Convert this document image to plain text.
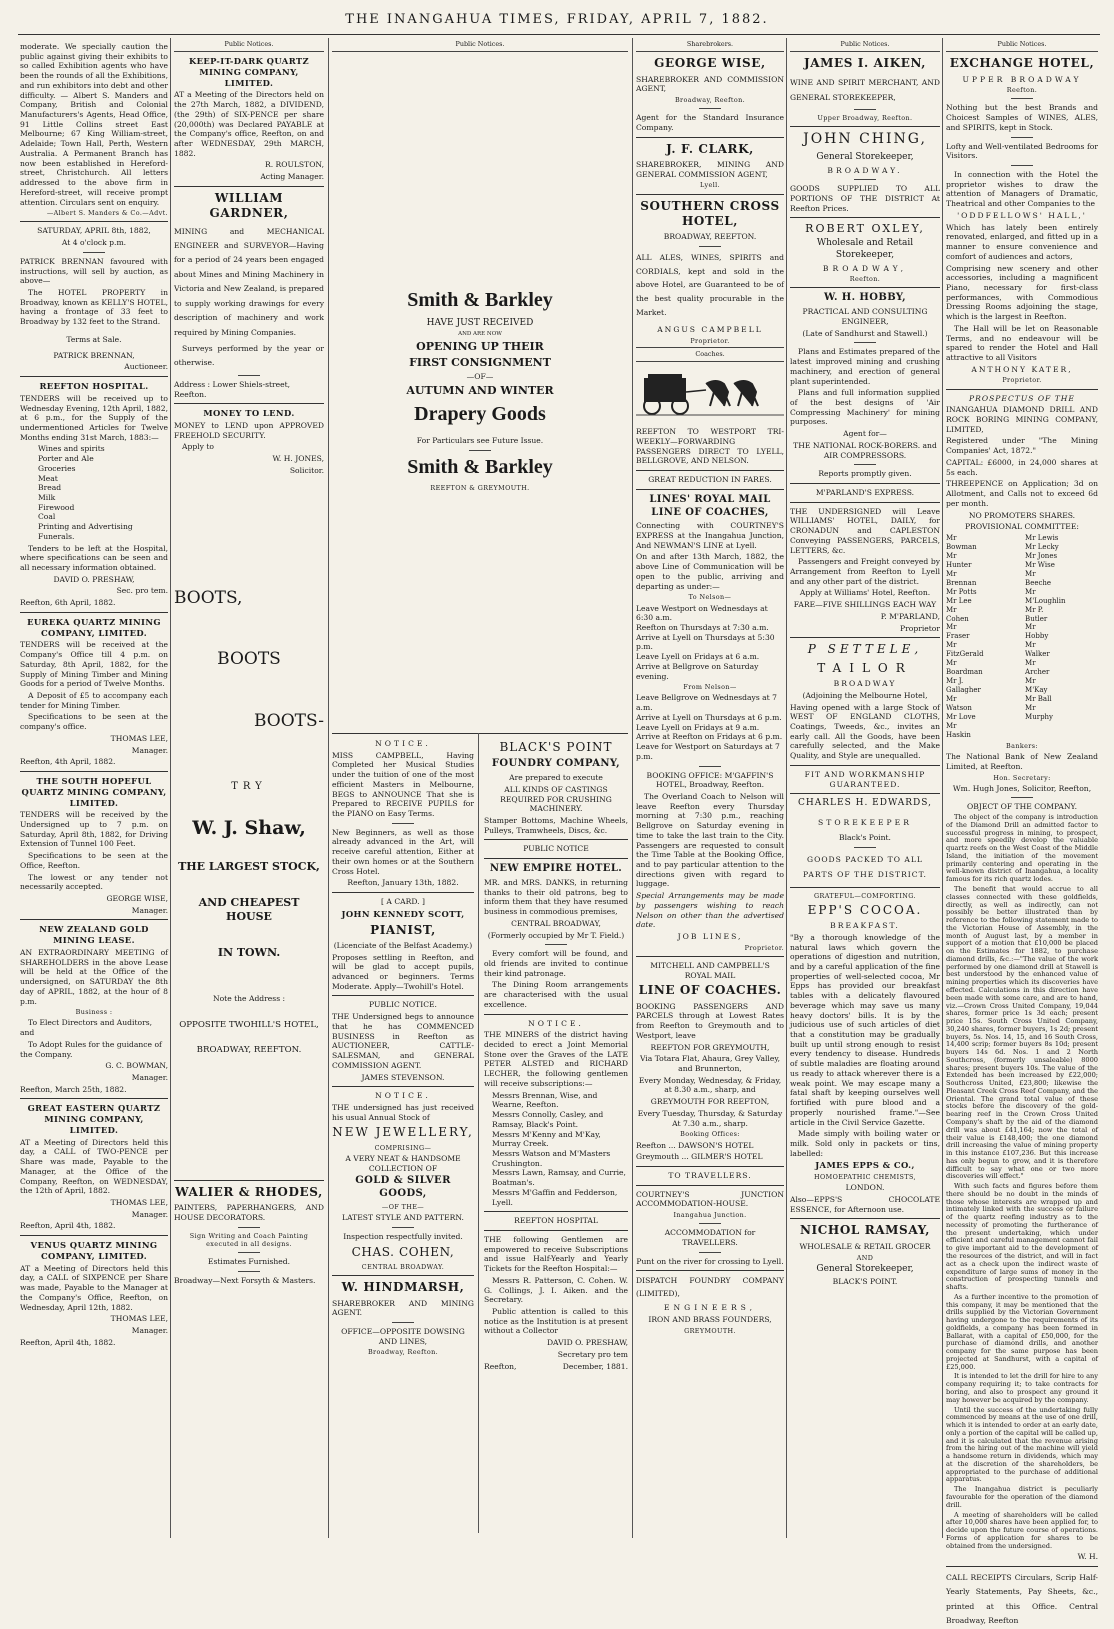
THE INANGAHUA TIMES, FRIDAY, APRIL 7, 1882.

moderate. We specially caution the public against giving their exhibits to so called Exhibition agents who have been the rounds of all the Exhibitions, and run exhibitors into debt and other difficulty. — Albert S. Manders and Company, British and Colonial Manufacturers's Agents, Head Office, 91 Little Collins street East Melbourne; 67 King William-street, Adelaide; Town Hall, Perth, Western Australia. A Permanent Branch has now been established in Hereford-street, Christchurch. All letters addressed to the above firm in Hereford-street, will receive prompt attention. Circulars sent on enquiry.

—Albert S. Manders & Co.—Advt.

SATURDAY, APRIL 8th, 1882,

At 4 o'clock p.m.

PATRICK BRENNAN favoured with instructions, will sell by auction, as above—

The HOTEL PROPERTY in Broadway, known as KELLY'S HOTEL, having a frontage of 33 feet to Broadway by 132 feet to the Strand.

Terms at Sale.

PATRICK BRENNAN,

Auctioneer.

REEFTON HOSPITAL.

TENDERS will be received up to Wednesday Evening, 12th April, 1882, at 6 p.m., for the Supply of the undermentioned Articles for Twelve Months ending 31st March, 1883:—

Wines and spirits
Porter and Ale
Groceries
Meat
Bread
Milk
Firewood
Coal
Printing and Advertising
Funerals.

Tenders to be left at the Hospital, where specifications can be seen and all necessary information obtained.

DAVID O. PRESHAW,

Sec. pro tem.

Reefton, 6th April, 1882.

EUREKA QUARTZ MINING COMPANY, LIMITED.

TENDERS will be received at the Company's Office till 4 p.m. on Saturday, 8th April, 1882, for the Supply of Mining Timber and Mining Goods for a period of Twelve Months.

A Deposit of £5 to accompany each tender for Mining Timber.

Specifications to be seen at the company's office.

THOMAS LEE,

Manager.

Reefton, 4th April, 1882.

THE SOUTH HOPEFUL QUARTZ MINING COMPANY, LIMITED.

TENDERS will be received by the Undersigned up to 7 p.m. on Saturday, April 8th, 1882, for Driving Extension of Tunnel 100 Feet.

Specifications to be seen at the Office, Reefton.

The lowest or any tender not necessarily accepted.

GEORGE WISE,

Manager.

NEW ZEALAND GOLD MINING LEASE.

AN EXTRAORDINARY MEETING of SHAREHOLDERS in the above Lease will be held at the Office of the undersigned, on SATURDAY the 8th day of APRIL, 1882, at the hour of 8 p.m.

Business :

To Elect Directors and Auditors, and

To Adopt Rules for the guidance of the Company.

G. C. BOWMAN,

Manager.

Reefton, March 25th, 1882.

GREAT EASTERN QUARTZ MINING COMPANY, LIMITED.

AT a Meeting of Directors held this day, a CALL of TWO-PENCE per Share was made, Payable to the Manager, at the Office of the Company, Reefton, on WEDNESDAY, the 12th of April, 1882.

THOMAS LEE,

Manager.

Reefton, April 4th, 1882.

VENUS QUARTZ MINING COMPANY, LIMITED.

AT a Meeting of Directors held this day, a CALL of SIXPENCE per Share was made, Payable to the Manager at the Company's Office, Reefton, on Wednesday, April 12th, 1882.

THOMAS LEE,

Manager.

Reefton, April 4th, 1882.

Public Notices.

KEEP-IT-DARK QUARTZ MINING COMPANY, LIMITED.

AT a Meeting of the Directors held on the 27th March, 1882, a DIVIDEND, (the 29th) of SIX-PENCE per share (20,000th) was Declared PAYABLE at the Company's office, Reefton, on and after WEDNESDAY, 29th MARCH, 1882.

R. ROULSTON,

Acting Manager.

WILLIAM GARDNER,

MINING and MECHANICAL ENGINEER and SURVEYOR—Having for a period of 24 years been engaged about Mines and Mining Machinery in Victoria and New Zealand, is prepared to supply working drawings for every description of machinery and work required by Mining Companies.

Surveys performed by the year or otherwise.

Address : Lower Shiels-street, Reefton.

MONEY TO LEND.

MONEY to LEND upon APPROVED FREEHOLD SECURITY.

Apply to

W. H. JONES,

Solicitor.

BOOTS,

BOOTS

BOOTS-

TRY

W. J. Shaw,

THE LARGEST STOCK,

AND CHEAPEST HOUSE

IN TOWN.

Note the Address :

OPPOSITE TWOHILL'S HOTEL,

BROADWAY, REEFTON.

WALIER & RHODES,

PAINTERS, PAPERHANGERS, AND HOUSE DECORATORS.

Sign Writing and Coach Painting executed in all designs.

Estimates Furnished.

Broadway—Next Forsyth & Masters.

Public Notices.

Smith & Barkley

HAVE JUST RECEIVED

AND ARE NOW

OPENING UP THEIR

FIRST CONSIGNMENT

—OF—

AUTUMN AND WINTER

Drapery Goods

For Particulars see Future Issue.

Smith & Barkley

REEFTON & GREYMOUTH.

NOTICE.

MISS CAMPBELL, Having Completed her Musical Studies under the tuition of one of the most efficient Masters in Melbourne, BEGS to ANNOUNCE That she is Prepared to RECEIVE PUPILS for the PIANO on Easy Terms.

New Beginners, as well as those already advanced in the Art, will receive careful attention, Either at their own homes or at the Southern Cross Hotel.

Reefton, January 13th, 1882.

[ A CARD. ]

JOHN KENNEDY SCOTT,

PIANIST,

(Licenciate of the Belfast Academy.)

Proposes settling in Reefton, and will be glad to accept pupils, advanced or beginners. Terms Moderate. Apply—Twohill's Hotel.

PUBLIC NOTICE.

THE Undersigned begs to announce that he has COMMENCED BUSINESS in Reefton as AUCTIONEER, CATTLE-SALESMAN, and GENERAL COMMISSION AGENT.

JAMES STEVENSON.

NOTICE.

THE undersigned has just received his usual Annual Stock of

NEW JEWELLERY,

COMPRISING—

A VERY NEAT & HANDSOME COLLECTION OF

GOLD & SILVER GOODS,

—OF THE—

LATEST STYLE AND PATTERN.

Inspection respectfully invited.

CHAS. COHEN,

CENTRAL BROADWAY.

W. HINDMARSH,

SHAREBROKER AND MINING AGENT.

OFFICE—OPPOSITE DOWSING AND LINES,

Broadway, Reefton.

BLACK'S POINT

FOUNDRY COMPANY,

Are prepared to execute

ALL KINDS OF CASTINGS REQUIRED FOR CRUSHING MACHINERY.

Stamper Bottoms, Machine Wheels, Pulleys, Tramwheels, Discs, &c.

PUBLIC NOTICE

NEW EMPIRE HOTEL.

MR. and MRS. DANKS, in returning thanks to their old patrons, beg to inform them that they have resumed business in commodious premises,

CENTRAL BROADWAY,

(Formerly occupied by Mr T. Field.)

Every comfort will be found, and old friends are invited to continue their kind patronage.

The Dining Room arrangements are characterised with the usual excellence.

NOTICE.

THE MINERS of the district having decided to erect a Joint Memorial Stone over the Graves of the LATE PETER ALSTED and RICHARD LECHER, the following gentlemen will receive subscriptions:—

Messrs Brennan, Wise, and Wearne, Reefton.
Messrs Connolly, Casley, and Ramsay, Black's Point.
Messrs M'Kenny and M'Kay, Murray Creek.
Messrs Watson and M'Masters Crushington.
Messrs Lawn, Ramsay, and Currie, Boatman's.
Messrs M'Gaffin and Fedderson, Lyell.

REEFTON HOSPITAL

THE following Gentlemen are empowered to receive Subscriptions and issue Half-Yearly and Yearly Tickets for the Reefton Hospital:—

Messrs R. Patterson, C. Cohen. W. G. Collings, J. I. Aiken. and the Secretary.

Public attention is called to this notice as the Institution is at present without a Collector

DAVID O. PRESHAW,

Secretary pro tem

Reefton,	December, 1881.
Sharebrokers.

GEORGE WISE,

SHAREBROKER AND COMMISSION AGENT,

Broadway, Reefton.

Agent for the Standard Insurance Company.

J. F. CLARK,

SHAREBROKER, MINING AND GENERAL COMMISSION AGENT,

Lyell.

SOUTHERN CROSS HOTEL,

BROADWAY, REEFTON.

ALL ALES, WINES, SPIRITS and CORDIALS, kept and sold in the above Hotel, are Guaranteed to be of the best quality procurable in the Market.

ANGUS CAMPBELL

Proprietor.

Coaches.

REEFTON TO WESTPORT TRI-WEEKLY—FORWARDING PASSENGERS DIRECT TO LYELL, BELLGROVE, AND NELSON.

GREAT REDUCTION IN FARES.

LINES' ROYAL MAIL LINE OF COACHES,

Connecting with COURTNEY'S EXPRESS at the Inangahua Junction, And NEWMAN'S LINE at Lyell.

On and after 13th March, 1882, the above Line of Communication will be open to the public, arriving and departing as under:—

To Nelson—

Leave Westport on Wednesdays at 6:30 a.m.
Reefton on Thursdays at 7:30 a.m.
Arrive at Lyell on Thursdays at 5:30 p.m.
Leave Lyell on Fridays at 6 a.m.
Arrive at Bellgrove on Saturday evening.

From Nelson—

Leave Bellgrove on Wednesdays at 7 a.m.
Arrive at Lyell on Thursdays at 6 p.m.
Leave Lyell on Fridays at 9 a.m.
Arrive at Reefton on Fridays at 6 p.m.
Leave for Westport on Saturdays at 7 p.m.

BOOKING OFFICE: M'GAFFIN'S HOTEL, Broadway, Reefton.

The Overland Coach to Nelson will leave Reefton every Thursday morning at 7:30 p.m., reaching Bellgrove on Saturday evening in time to take the last train to the City. Passengers are requested to consult the Time Table at the Booking Office, and to pay particular attention to the directions given with regard to luggage.

Special Arrangements may be made by passengers wishing to reach Nelson on other than the advertised date.

JOB LINES,

Proprietor.

MITCHELL AND CAMPBELL'S ROYAL MAIL

LINE OF COACHES.

BOOKING PASSENGERS AND PARCELS through at Lowest Rates from Reefton to Greymouth and to Westport, leave

REEFTON FOR GREYMOUTH,

Via Totara Flat, Ahaura, Grey Valley, and Brunnerton,

Every Monday, Wednesday, & Friday, at 8.30 a.m., sharp, and

GREYMOUTH FOR REEFTON,

Every Tuesday, Thursday, & Saturday At 7.30 a.m., sharp.

Booking Offices:

Reefton ... DAWSON'S HOTEL

Greymouth ... GILMER'S HOTEL

TO TRAVELLERS.

COURTNEY'S JUNCTION ACCOMMODATION-HOUSE.

Inangahua Junction.

ACCOMMODATION for TRAVELLERS.

Punt on the river for crossing to Lyell.

DISPATCH FOUNDRY COMPANY (LIMITED),

ENGINEERS,

IRON AND BRASS FOUNDERS,

GREYMOUTH.

Public Notices.

JAMES I. AIKEN,

WINE AND SPIRIT MERCHANT, AND GENERAL STOREKEEPER,

Upper Broadway, Reefton.

JOHN CHING,

General Storekeeper,

BROADWAY.

GOODS SUPPLIED TO ALL PORTIONS OF THE DISTRICT At Reefton Prices.

ROBERT OXLEY,

Wholesale and Retail Storekeeper,

BROADWAY,

Reefton.

W. H. HOBBY,

PRACTICAL AND CONSULTING ENGINEER,

(Late of Sandhurst and Stawell.)

Plans and Estimates prepared of the latest improved mining and crushing machinery, and erection of general plant superintended.

Plans and full information supplied of the best designs of 'Air Compressing Machinery' for mining purposes.

Agent for—

THE NATIONAL ROCK-BORERS. and AIR COMPRESSORS.

Reports promptly given.

M'PARLAND'S EXPRESS.

THE UNDERSIGNED will Leave WILLIAMS' HOTEL, DAILY, for CRONADUN and CAPLESTON Conveying PASSENGERS, PARCELS, LETTERS, &c.

Passengers and Freight conveyed by Arrangement from Reefton to Lyell and any other part of the district.

Apply at Williams' Hotel, Reefton.

FARE—FIVE SHILLINGS EACH WAY

P. M'PARLAND,

Proprietor

P SETTELE,

TAILOR

BROADWAY

(Adjoining the Melbourne Hotel,

Having opened with a large Stock of WEST OF ENGLAND CLOTHS, Coatings, Tweeds, &c., invites an early call. All the Goods, have been carefully selected, and the Make Quality, and Style are unequalled.

FIT AND WORKMANSHIP GUARANTEED.

CHARLES H. EDWARDS,

STOREKEEPER

Black's Point.

GOODS PACKED TO ALL PARTS OF THE DISTRICT.

GRATEFUL—COMFORTING.

EPP'S COCOA.

BREAKFAST.

"By a thorough knowledge of the natural laws which govern the operations of digestion and nutrition, and by a careful application of the fine properties of well-selected cocoa, Mr Epps has provided our breakfast tables with a delicately flavoured beverage which may save us many heavy doctors' bills. It is by the judicious use of such articles of diet that a constitution may be gradually built up until strong enough to resist every tendency to disease. Hundreds of subtle maladies are floating around us ready to attack wherever there is a weak point. We may escape many a fatal shaft by keeping ourselves well fortified with pure blood and a properly nourished frame."—See article in the Civil Service Gazette.

Made simply with boiling water or milk. Sold only in packets or tins, labelled:

JAMES EPPS & CO.,

HOMOEPATHIC CHEMISTS,

LONDON.

Also—EPPS'S CHOCOLATE ESSENCE, for Afternoon use.

NICHOL RAMSAY,

WHOLESALE & RETAIL GROCER

AND

General Storekeeper,

BLACK'S POINT.

Public Notices.

EXCHANGE HOTEL,

UPPER BROADWAY

Reefton.

Nothing but the best Brands and Choicest Samples of WINES, ALES, and SPIRITS, kept in Stock.

Lofty and Well-ventilated Bedrooms for Visitors.

In connection with the Hotel the proprietor wishes to draw the attention of Managers of Dramatic, Theatrical and other Companies to the

'ODDFELLOWS' HALL,'

Which has lately been entirely renovated, enlarged, and fitted up in a manner to ensure convenience and comfort of audiences and actors,

Comprising new scenery and other accessories, including a magnificent Piano, necessary for first-class performances, with Commodious Dressing Rooms adjoining the stage, which is the largest in Reefton.

The Hall will be let on Reasonable Terms, and no endeavour will be spared to render the Hotel and Hall attractive to all Visitors

ANTHONY KATER,

Proprietor.

PROSPECTUS OF THE

INANGAHUA DIAMOND DRILL AND ROCK BORING MINING COMPANY, LIMITED,

Registered under "The Mining Companies' Act, 1872."

CAPITAL: £6000, in 24,000 shares at 5s each.

THREEPENCE on Application; 3d on Allotment, and Calls not to exceed 6d per month.

NO PROMOTERS SHARES.

PROVISIONAL COMMITTEE:

Mr Bowman
Mr Hunter
Mr Brennan
Mr Potts
Mr Lee
Mr Cohen
Mr Fraser
Mr FitzGerald
Mr Boardman
Mr J. Gallagher
Mr Watson
Mr Love
Mr Haskin
Mr Lewis
Mr Lecky
Mr Jones
Mr Wise
Mr Beeche
Mr M'Loughlin
Mr P. Butler
Mr Hobby
Mr Walker
Mr Archer
Mr M'Kay
Mr Ball
Mr Murphy

Bankers:

The National Bank of New Zealand Limited, at Reefton.

Hon. Secretary:

Wm. Hugh Jones, Solicitor, Reefton,

OBJECT OF THE COMPANY.

The object of the company is introduction of the Diamond Drill an admitted factor to successful progress in mining, to prospect, and more speedily develop the valuable quartz reefs on the West Coast of the Middle Island, the initiation of the movement primarily centering and operating in the well-known district of Inangahua, a locality famous for its rich quartz lodes.

The benefit that would accrue to all classes connected with these goldfields, directly, as well as indirectly, can not possibly be better illustrated than by reference to the following statement made to the Victorian House of Assembly, in the month of August last, by a member in support of a motion that £10,000 be placed on the Estimates for 1882, to purchase diamond drills, &c.:—"The value of the work performed by one diamond drill at Stawell is best understood by the enhanced value of mining properties which its discoveries have effected. Calculations in this direction have been made with some care, and are to hand, viz.—Crown Cross United Company, 19,044 shares, former price 1s 3d each; present price 15s. South Cross United Company, 30,240 shares, former buyers, 1s 2d; present buyers, 5s. Nos. 14, 15, and 16 South Cross, 14,400 scrip; former buyers 8s 10d; present buyers 14s 6d. Nos. 1 and 2 North Southcross, (formerly unsaleable) 8000 shares; present buyers 10s. The value of the Extended has been increased by £22,000; Southcross United, £23,800; likewise the Pleasant Creek Cross Reef Company, and the Oriental. The grand total value of these stocks before the discovery of the gold-bearing reef in the Crown Cross United Company's shaft by the aid of the diamond drill was about £41,164; now the total of their value is £148,400; the one diamond drill increasing the value of mining property in this instance £107,236. But this increase has only begun to grow, and it is therefore difficult to say what one or two more discoveries will effect."

With such facts and figures before them there should be no doubt in the minds of those whose interests are wrapped up and intimately linked with the success or failure of the quartz reefing industry as to the necessity of promoting the furtherance of the present undertaking, which under efficient and careful management cannot fail to give important aid to the development of the resources of the district, and will in fact act as a check upon the indirect waste of expenditure of large sums of money in the construction of prospecting tunnels and shafts.

As a further incentive to the promotion of this company, it may be mentioned that the drills supplied by the Victorian Government having undergone to the requirements of its goldfields, a company has been formed in Ballarat, with a capital of £50,000, for the purchase of diamond drills, and another company for the same purpose has been projected at Sandhurst, with a capital of £25,000.

It is intended to let the drill for hire to any company requiring it; to take contracts for boring, and also to prospect any ground it may however be acquired by the company.

Until the success of the undertaking fully commenced by means at the use of one drill, which it is intended to order at an early date, only a portion of the capital will be called up, and it is calculated that the revenue arising from the hiring out of the machine will yield a handsome return in dividends, which may at the discretion of the shareholders, be appropriated to the purchase of additional apparatus.

The Inangahua district is peculiarly favourable for the operation of the diamond drill.

A meeting of shareholders will be called after 10,000 shares have been applied for, to decide upon the future course of operations. Forms of application for shares to be obtained from the undersigned.

W. H.

CALL RECEIPTS Circulars, Scrip Half-Yearly Statements, Pay Sheets, &c., printed at this Office. Central Broadway, Reefton
